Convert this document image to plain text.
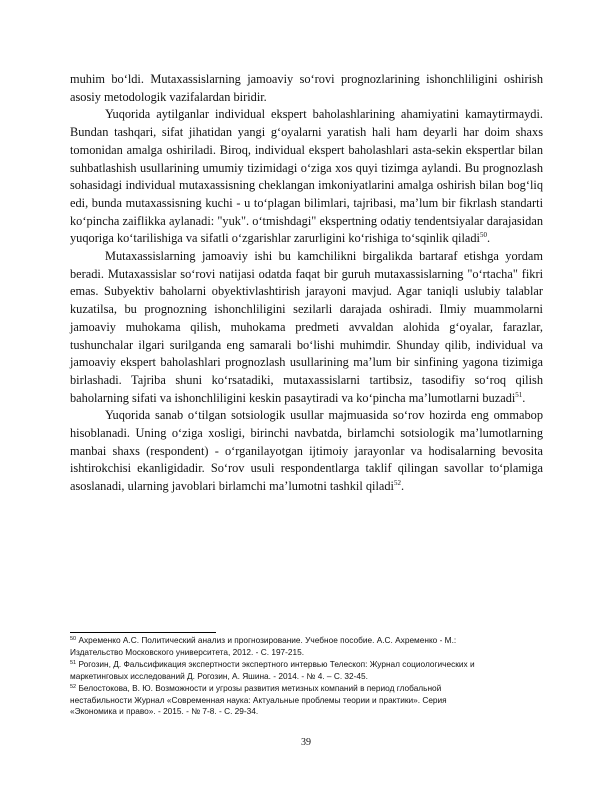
muhim bo‘ldi. Mutaxassislarning jamoaviy so‘rovi prognozlarining ishonchliligini oshirish asosiy metodologik vazifalardan biridir.

Yuqorida aytilganlar individual ekspert baholashlarining ahamiyatini kamaytirmaydi. Bundan tashqari, sifat jihatidan yangi g‘oyalarni yaratish hali ham deyarli har doim shaxs tomonidan amalga oshiriladi. Biroq, individual ekspert baholashlari asta-sekin ekspertlar bilan suhbatlashish usullarining umumiy tizimidagi o‘ziga xos quyi tizimga aylandi. Bu prognozlash sohasidagi individual mutaxassisning cheklangan imkoniyatlarini amalga oshirish bilan bog‘liq edi, bunda mutaxassisning kuchi - u to‘plagan bilimlari, tajribasi, ma’lum bir fikrlash standarti ko‘pincha zaiflikka aylanadi: "yuk". o‘tmishdagi" ekspertning odatiy tendentsiyalar darajasidan yuqoriga ko‘tarilishiga va sifatli o‘zgarishlar zarurligini ko‘rishiga to‘sqinlik qiladi$^{50}$.

Mutaxassislarning jamoaviy ishi bu kamchilikni birgalikda bartaraf etishga yordam beradi. Mutaxassislar so‘rovi natijasi odatda faqat bir guruh mutaxassislarning "o‘rtacha" fikri emas. Subyektiv baholarni obyektivlashtirish jarayoni mavjud. Agar taniqli uslubiy talablar kuzatilsa, bu prognozning ishonchliligini sezilarli darajada oshiradi. Ilmiy muammolarni jamoaviy muhokama qilish, muhokama predmeti avvaldan alohida g‘oyalar, farazlar, tushunchalar ilgari surilganda eng samarali bo‘lishi muhimdir. Shunday qilib, individual va jamoaviy ekspert baholashlari prognozlash usullarining ma’lum bir sinfining yagona tizimiga birlashadi. Tajriba shuni ko‘rsatadiki, mutaxassislarni tartibsiz, tasodifiy so‘roq qilish baholarning sifati va ishonchliligini keskin pasaytiradi va ko‘pincha ma’lumotlarni buzadi$^{51}$.

Yuqorida sanab o‘tilgan sotsiologik usullar majmuasida so‘rov hozirda eng ommabop hisoblanadi. Uning o‘ziga xosligi, birinchi navbatda, birlamchi sotsiologik ma’lumotlarning manbai shaxs (respondent) - o‘rganilayotgan ijtimoiy jarayonlar va hodisalarning bevosita ishtirokchisi ekanligidadir. So‘rov usuli respondentlarga taklif qilingan savollar to‘plamiga asoslanadi, ularning javoblari birlamchi ma’lumotni tashkil qiladi$^{52}$.

$^{50}$ Ахременко А.С. Политический анализ и прогнозирование. Учебное пособие. А.С. Ахременко - М.:

Издательство Московского университета, 2012. - С. 197-215.

$^{51}$ Рогозин, Д. Фальсификация экспертности экспертного интервью Телескоп: Журнал социологических и

маркетинговых исследований Д. Рогозин, А. Яшина. - 2014. - № 4. – С. 32-45.

$^{52}$ Белостокова, В. Ю. Возможности и угрозы развития метизных компаний в период глобальной

нестабильности Журнал «Современная наука: Актуальные проблемы теории и практики». Серия

«Экономика и право». - 2015. - № 7-8. - С. 29-34.

39
